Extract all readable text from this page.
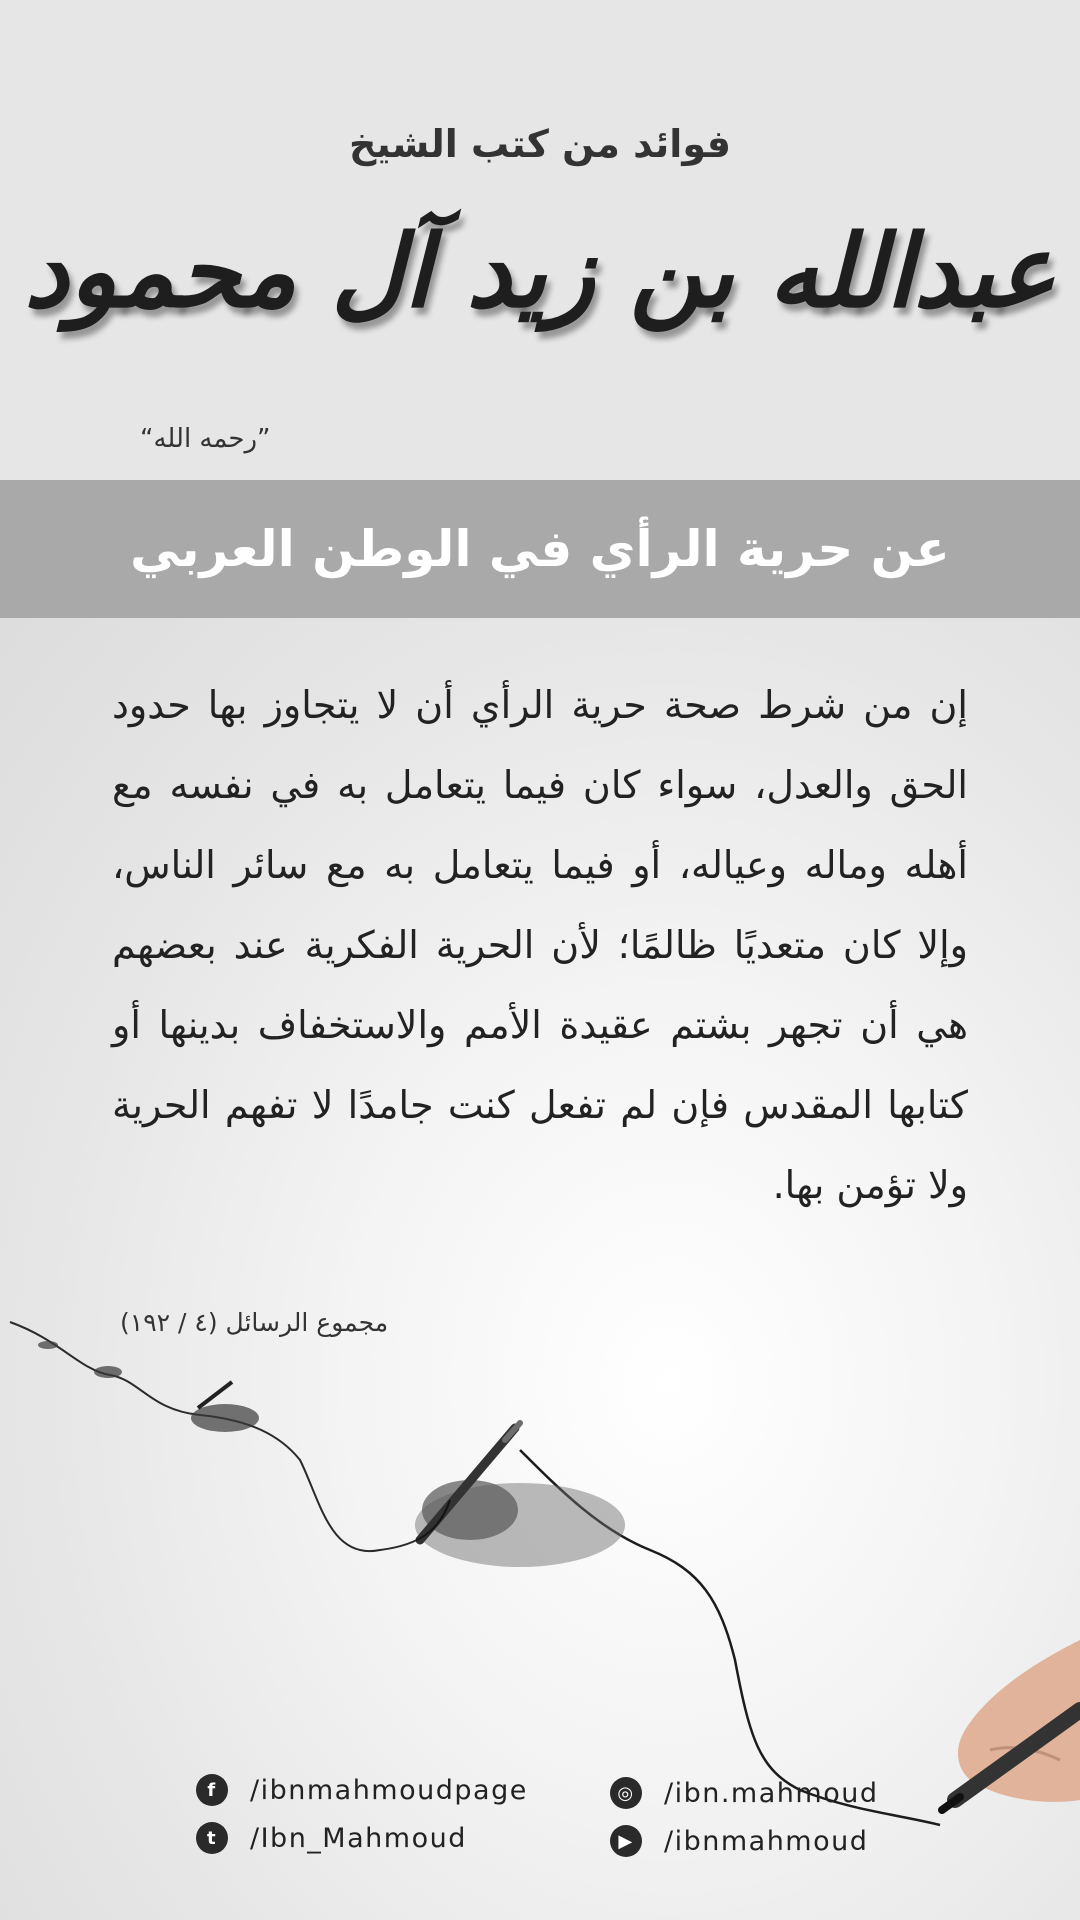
فوائد من كتب الشيخ
عبدالله بن زيد آل محمود
”رحمه الله“
عن حرية الرأي في الوطن العربي
إن من شرط صحة حرية الرأي أن لا يتجاوز بها حدود الحق والعدل، سواء كان فيما يتعامل به في نفسه مع أهله وماله وعياله، أو فيما يتعامل به مع سائر الناس، وإلا كان متعديًا ظالمًا؛ لأن الحرية الفكرية عند بعضهم هي أن تجهر بشتم عقيدة الأمم والاستخفاف بدينها أو كتابها المقدس فإن لم تفعل كنت جامدًا لا تفهم الحرية ولا تؤمن بها.
مجموع الرسائل (٤ / ١٩٢)
f	/ibnmahmoudpage
t	/Ibn_Mahmoud
◎ /ibn.mahmoud
▶	/ibnmahmoud
